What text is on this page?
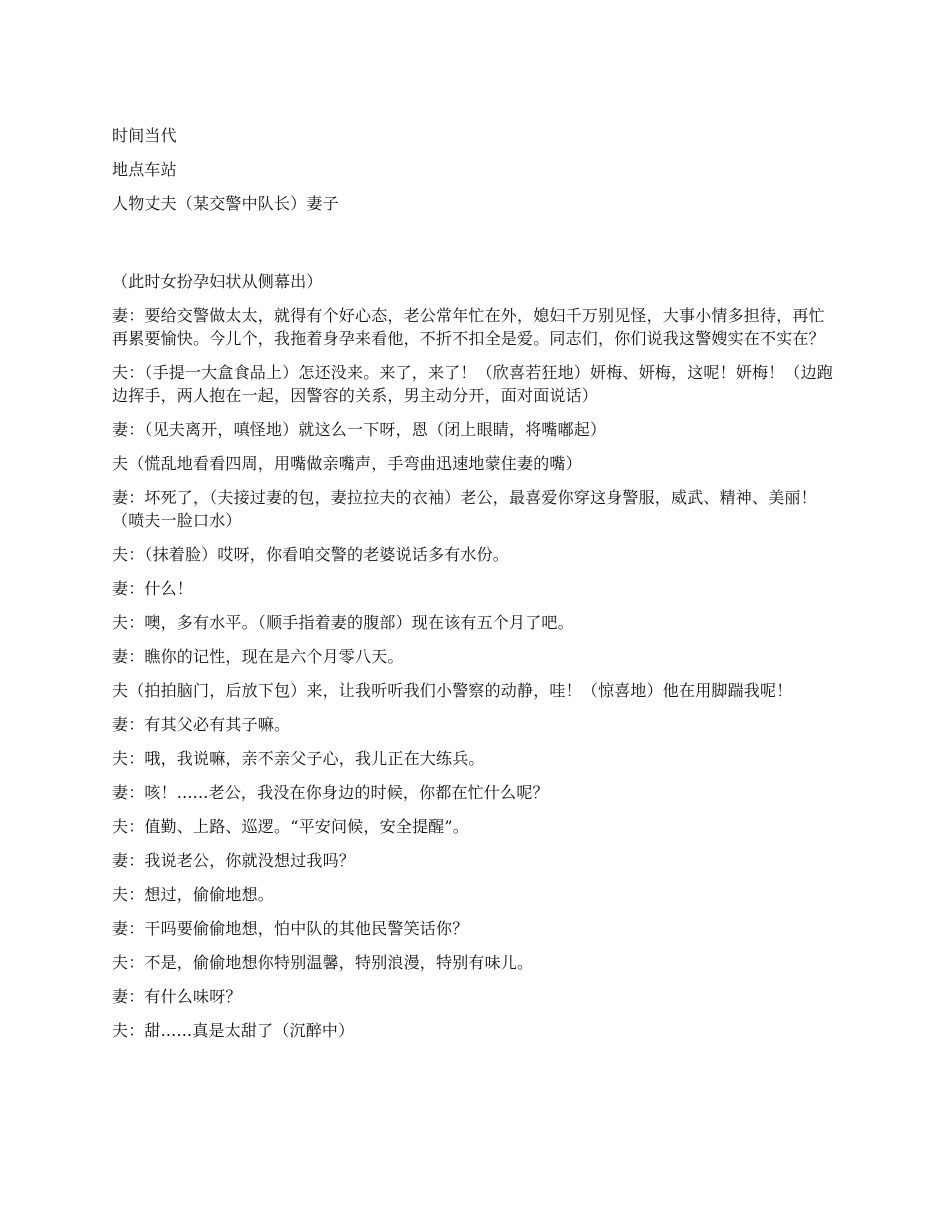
时间当代

地点车站

人物丈夫（某交警中队长）妻子

（此时女扮孕妇状从侧幕出）

妻：要给交警做太太，就得有个好心态，老公常年忙在外，媳妇千万别见怪，大事小情多担待，再忙再累要愉快。今儿个，我拖着身孕来看他，不折不扣全是爱。同志们，你们说我这警嫂实在不实在？

夫：（手提一大盒食品上）怎还没来。来了，来了！（欣喜若狂地）妍梅、妍梅，这呢！妍梅！（边跑边挥手，两人抱在一起，因警容的关系，男主动分开，面对面说话）

妻：（见夫离开，嗔怪地）就这么一下呀，恩（闭上眼睛，将嘴嘟起）

夫（慌乱地看看四周，用嘴做亲嘴声，手弯曲迅速地蒙住妻的嘴）

妻：坏死了，（夫接过妻的包，妻拉拉夫的衣袖）老公，最喜爱你穿这身警服，威武、精神、美丽！（喷夫一脸口水）

夫：（抹着脸）哎呀，你看咱交警的老婆说话多有水份。

妻：什么！

夫：噢，多有水平。（顺手指着妻的腹部）现在该有五个月了吧。

妻：瞧你的记性，现在是六个月零八天。

夫（拍拍脑门，后放下包）来，让我听听我们小警察的动静，哇！（惊喜地）他在用脚踹我呢！

妻：有其父必有其子嘛。

夫：哦，我说嘛，亲不亲父子心，我儿正在大练兵。

妻：咳！......老公，我没在你身边的时候，你都在忙什么呢？

夫：值勤、上路、巡逻。“平安问候，安全提醒”。

妻：我说老公，你就没想过我吗？

夫：想过，偷偷地想。

妻：干吗要偷偷地想，怕中队的其他民警笑话你？

夫：不是，偷偷地想你特别温馨，特别浪漫，特别有味儿。

妻：有什么味呀？

夫：甜......真是太甜了（沉醉中）
